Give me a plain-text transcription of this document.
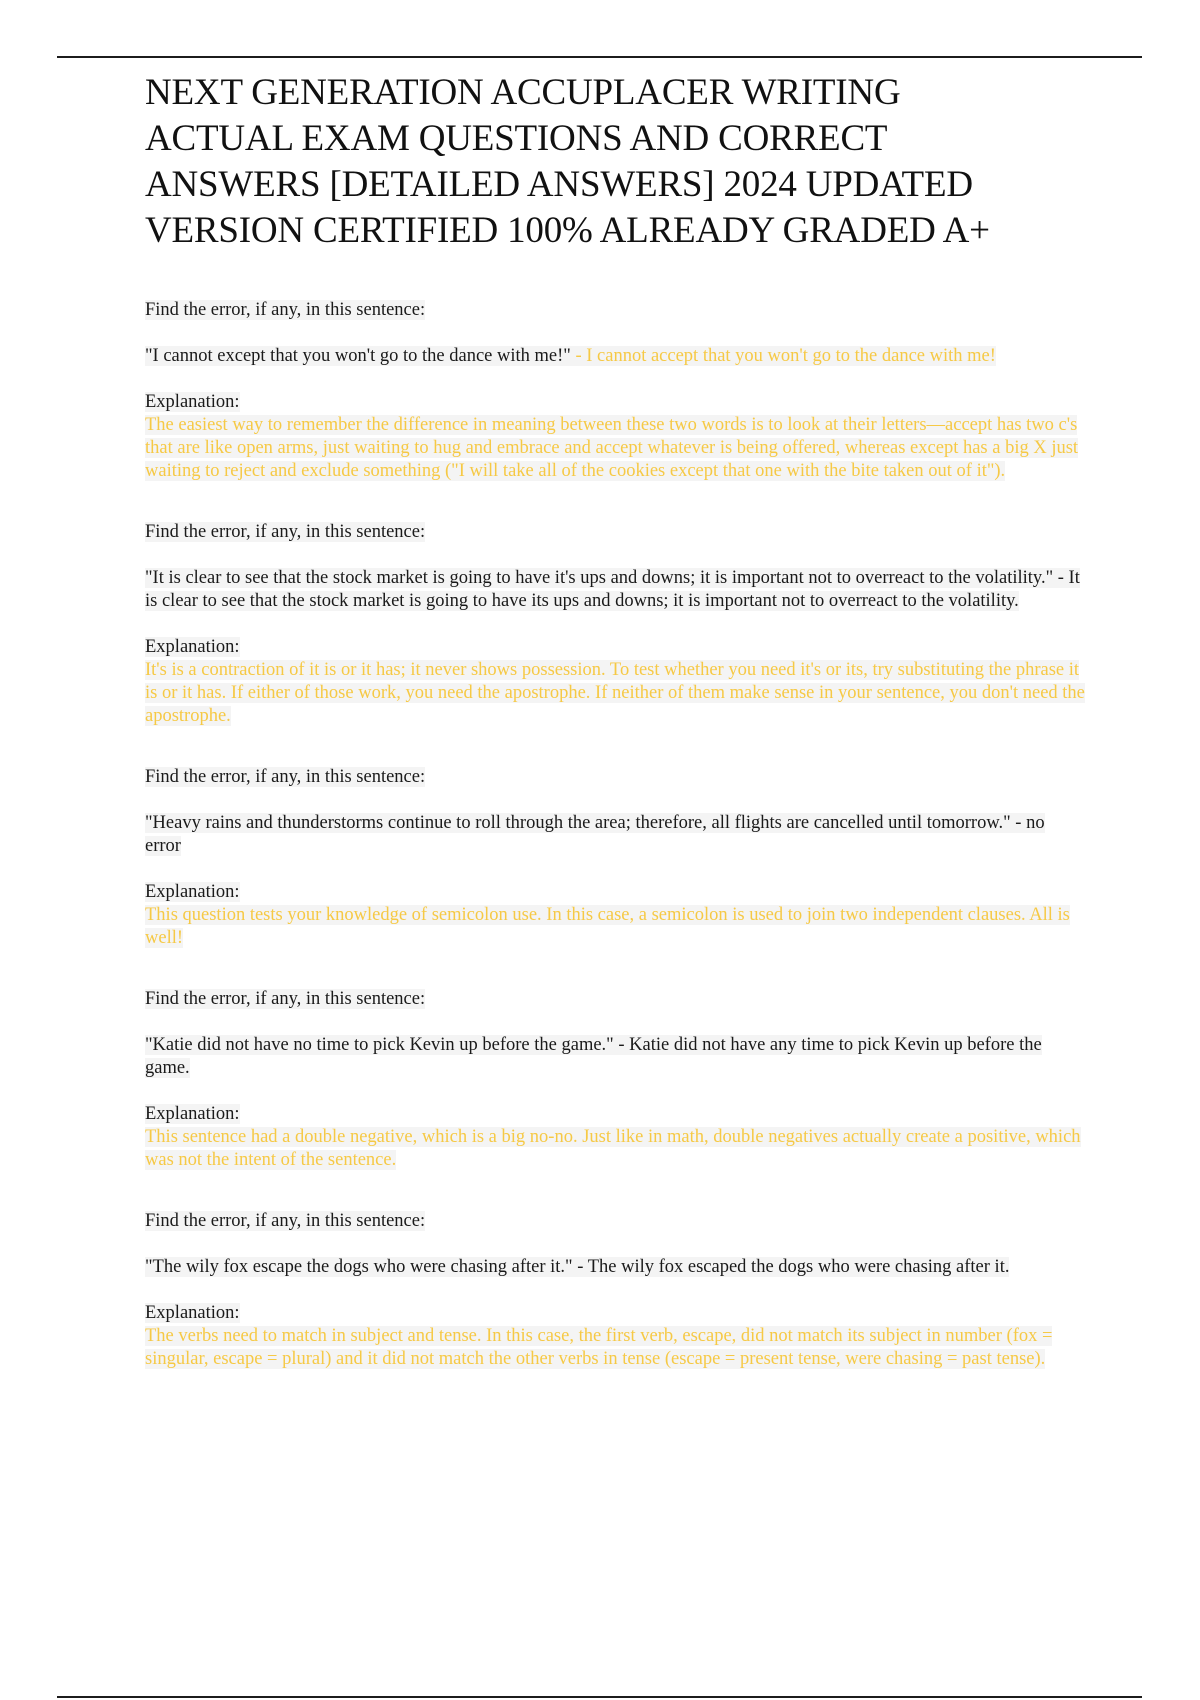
NEXT GENERATION ACCUPLACER WRITING
ACTUAL EXAM QUESTIONS AND CORRECT
ANSWERS [DETAILED ANSWERS] 2024 UPDATED
VERSION CERTIFIED 100% ALREADY GRADED A+
Find the error, if any, in this sentence:
"I cannot except that you won't go to the dance with me!" - I cannot accept that you won't go to the dance with me!
Explanation:
The easiest way to remember the difference in meaning between these two words is to look at their letters—accept has two c's that are like open arms, just waiting to hug and embrace and accept whatever is being offered, whereas except has a big X just waiting to reject and exclude something ("I will take all of the cookies except that one with the bite taken out of it").
Find the error, if any, in this sentence:
"It is clear to see that the stock market is going to have it's ups and downs; it is important not to overreact to the volatility." - It is clear to see that the stock market is going to have its ups and downs; it is important not to overreact to the volatility.
Explanation:
It's is a contraction of it is or it has; it never shows possession. To test whether you need it's or its, try substituting the phrase it is or it has. If either of those work, you need the apostrophe. If neither of them make sense in your sentence, you don't need the apostrophe.
Find the error, if any, in this sentence:
"Heavy rains and thunderstorms continue to roll through the area; therefore, all flights are cancelled until tomorrow." - no error
Explanation:
This question tests your knowledge of semicolon use. In this case, a semicolon is used to join two independent clauses. All is well!
Find the error, if any, in this sentence:
"Katie did not have no time to pick Kevin up before the game." - Katie did not have any time to pick Kevin up before the game.
Explanation:
This sentence had a double negative, which is a big no-no. Just like in math, double negatives actually create a positive, which was not the intent of the sentence.
Find the error, if any, in this sentence:
"The wily fox escape the dogs who were chasing after it." - The wily fox escaped the dogs who were chasing after it.
Explanation:
The verbs need to match in subject and tense. In this case, the first verb, escape, did not match its subject in number (fox = singular, escape = plural) and it did not match the other verbs in tense (escape = present tense, were chasing = past tense).
